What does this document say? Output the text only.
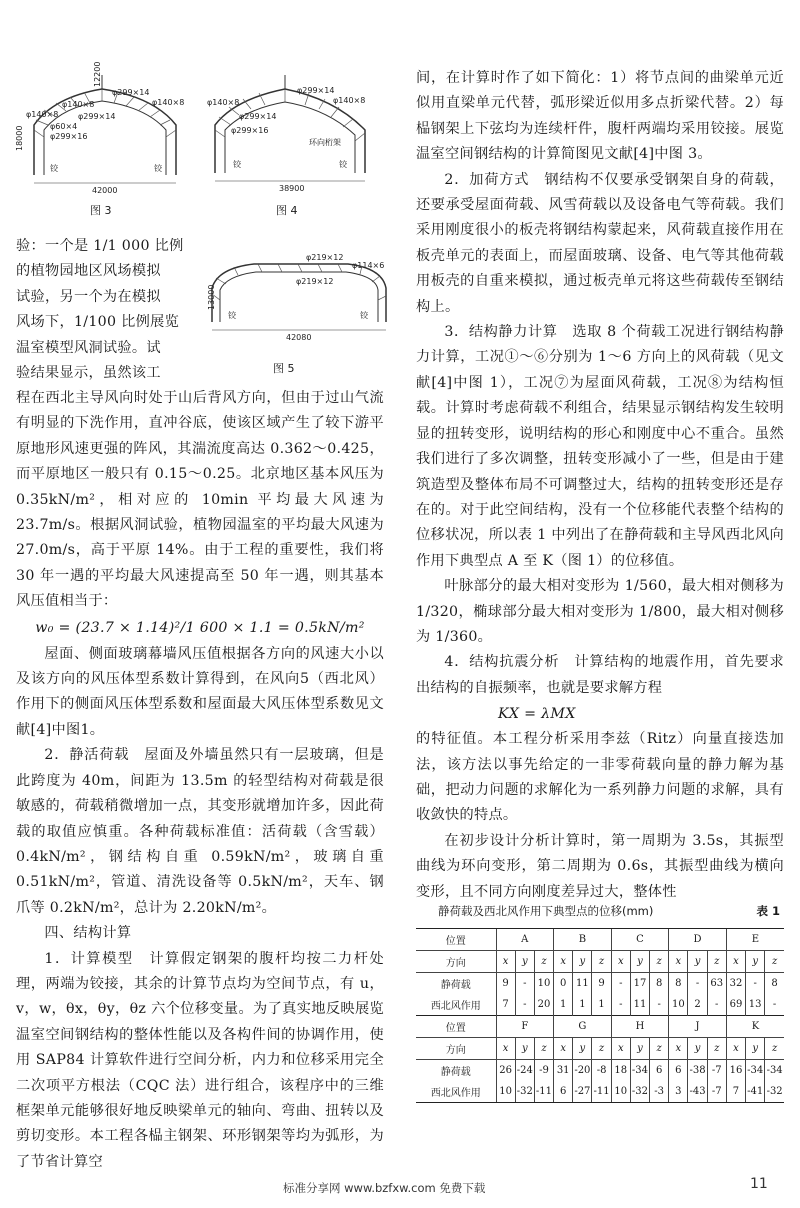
42000
18000
12200
φ299×14
φ140×8
φ140×8
φ60×4
φ299×16
φ299×14
φ140×8
铰	铰
图 3
38900
φ299×14
φ140×8
φ140×8
φ299×14
φ299×16
环向桁架
铰	铰
图 4
42080
13000
φ219×12
φ114×6
φ219×12
铰	铰
图 5
验：一个是 1/1 000 比例
的植物园地区风场模拟
试验，另一个为在模拟
风场下，1/100 比例展览
温室模型风洞试验。试
验结果显示，虽然该工

程在西北主导风向时处于山后背风方向，但由于过山气流有明显的下洗作用，直冲谷底，使该区域产生了较下游平原地形风速更强的阵风，其湍流度高达 0.362～0.425，而平原地区一般只有 0.15～0.25。北京地区基本风压为 0.35kN/m²，相对应的 10min 平均最大风速为 23.7m/s。根据风洞试验，植物园温室的平均最大风速为 27.0m/s，高于平原 14%。由于工程的重要性，我们将 30 年一遇的平均最大风速提高至 50 年一遇，则其基本风压值相当于：

w₀ = (23.7 × 1.14)²/1 600 × 1.1 = 0.5kN/m²

屋面、侧面玻璃幕墙风压值根据各方向的风速大小以及该方向的风压体型系数计算得到，在风向5（西北风）作用下的侧面风压体型系数和屋面最大风压体型系数见文献[4]中图1。

2．静活荷载　屋面及外墙虽然只有一层玻璃，但是此跨度为 40m，间距为 13.5m 的轻型结构对荷载是很敏感的，荷载稍微增加一点，其变形就增加许多，因此荷载的取值应慎重。各种荷载标准值：活荷载（含雪载）0.4kN/m²，钢结构自重 0.59kN/m²，玻璃自重 0.51kN/m²，管道、清洗设备等 0.5kN/m²，天车、钢爪等 0.2kN/m²，总计为 2.20kN/m²。

四、结构计算

1．计算模型　计算假定钢架的腹杆均按二力杆处理，两端为铰接，其余的计算节点均为空间节点，有 u，v，w，θx，θy，θz 六个位移变量。为了真实地反映展览温室空间钢结构的整体性能以及各构件间的协调作用，使用 SAP84 计算软件进行空间分析，内力和位移采用完全二次项平方根法（CQC 法）进行组合，该程序中的三维框架单元能够很好地反映梁单元的轴向、弯曲、扭转以及剪切变形。本工程各榀主钢架、环形钢架等均为弧形，为了节省计算空

间，在计算时作了如下简化：1）将节点间的曲梁单元近似用直梁单元代替，弧形梁近似用多点折梁代替。2）每榀钢架上下弦均为连续杆件，腹杆两端均采用铰接。展览温室空间钢结构的计算简图见文献[4]中图 3。

2．加荷方式　钢结构不仅要承受钢架自身的荷载，还要承受屋面荷载、风雪荷载以及设备电气等荷载。我们采用刚度很小的板壳将钢结构蒙起来，风荷载直接作用在板壳单元的表面上，而屋面玻璃、设备、电气等其他荷载用板壳的自重来模拟，通过板壳单元将这些荷载传至钢结构上。

3．结构静力计算　选取 8 个荷载工况进行钢结构静力计算，工况①～⑥分别为 1～6 方向上的风荷载（见文献[4]中图 1），工况⑦为屋面风荷载，工况⑧为结构恒载。计算时考虑荷载不利组合，结果显示钢结构发生较明显的扭转变形，说明结构的形心和刚度中心不重合。虽然我们进行了多次调整，扭转变形减小了一些，但是由于建筑造型及整体布局不可调整过大，结构的扭转变形还是存在的。对于此空间结构，没有一个位移能代表整个结构的位移状况，所以表 1 中列出了在静荷载和主导风西北风向作用下典型点 A 至 K（图 1）的位移值。

叶脉部分的最大相对变形为 1/560，最大相对侧移为 1/320，椭球部分最大相对变形为 1/800，最大相对侧移为 1/360。

4．结构抗震分析　计算结构的地震作用，首先要求出结构的自振频率，也就是要求解方程

KX = λMX

的特征值。本工程分析采用李兹（Ritz）向量直接迭加法，该方法以事先给定的一非零荷载向量的静力解为基础，把动力问题的求解化为一系列静力问题的求解，具有收敛快的特点。

在初步设计分析计算时，第一周期为 3.5s，其振型曲线为环向变形，第二周期为 0.6s，其振型曲线为横向变形，且不同方向刚度差异过大，整体性

静荷载及西北风作用下典型点的位移(mm)	表 1
位置	A			B			C			D			E		
方向	x	y	z	x	y	z	x	y	z	x	y	z	x	y	z
静荷载	9	-	10	0	11	9	-	17	8	8	-	63	32	-	8
西北风作用	7	-	20	1	1	1	-	11	-	10	2	-	69	13	-
位置	F			G			H			J			K		
方向	x	y	z	x	y	z	x	y	z	x	y	z	x	y	z
静荷载	26	-24	-9	31	-20	-8	18	-34	6	6	-38	-7	16	-34	-34
西北风作用	10	-32	-11	6	-27	-11	10	-32	-3	3	-43	-7	7	-41	-32
标准分享网 www.bzfxw.com 免费下载	11
